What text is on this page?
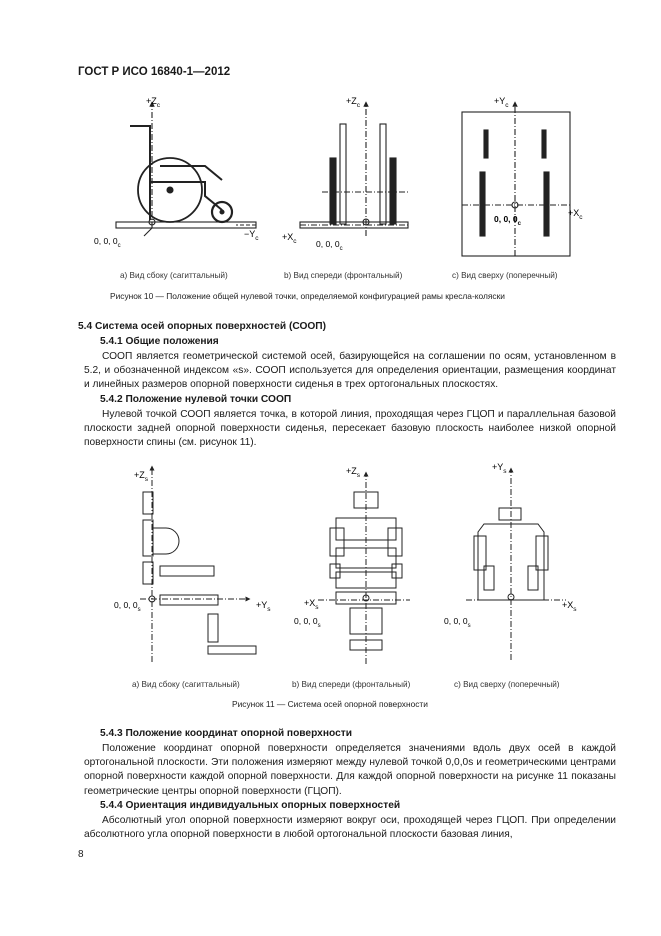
ГОСТ Р ИСО 16840-1—2012
$+Z_c$
$-Y_c$
0, 0, $0_c$
$+Z_c$
$+X_c$ 0, 0, $0_c$
$+Y_c$
$+X_c$
0, 0, $0_c$
$+Z_s$
$+Y_s$
0, 0, $0_s$
$+Z_s$
$+X_s$
0, 0, $0_s$
$+Y_s$
$+X_s$
0, 0, $0_s$
а) Вид сбоку (сагиттальный)	b) Вид спереди (фронтальный)	с) Вид сверху (поперечный)
Рисунок 10 — Положение общей нулевой точки, определяемой конфигурацией рамы кресла-коляски
5.4 Система осей опорных поверхностей (СООП)
5.4.1 Общие положения
СООП является геометрической системой осей, базирующейся на соглашении по осям, установленном в 5.2, и обозначенной индексом «s». СООП используется для определения ориентации, размещения координат и линейных размеров опорной поверхности сиденья в трех ортогональных плоскостях.
5.4.2 Положение нулевой точки СООП
Нулевой точкой СООП является точка, в которой линия, проходящая через ГЦОП и параллельная базовой плоскости задней опорной поверхности сиденья, пересекает базовую плоскость наиболее низкой опорной поверхности спины (см. рисунок 11).
а) Вид сбоку (сагиттальный)	b) Вид спереди (фронтальный)	с) Вид сверху (поперечный)
Рисунок 11 — Система осей опорной поверхности
5.4.3 Положение координат опорной поверхности
Положение координат опорной поверхности определяется значениями вдоль двух осей в каждой ортогональной плоскости. Эти положения измеряют между нулевой точкой 0,0,0s и геометрическими центрами опорной поверхности каждой опорной поверхности. Для каждой опорной поверхности на рисунке 11 показаны геометрические центры опорной поверхности (ГЦОП).
5.4.4 Ориентация индивидуальных опорных поверхностей
Абсолютный угол опорной поверхности измеряют вокруг оси, проходящей через ГЦОП. При определении абсолютного угла опорной поверхности в любой ортогональной плоскости базовая линия,
8
